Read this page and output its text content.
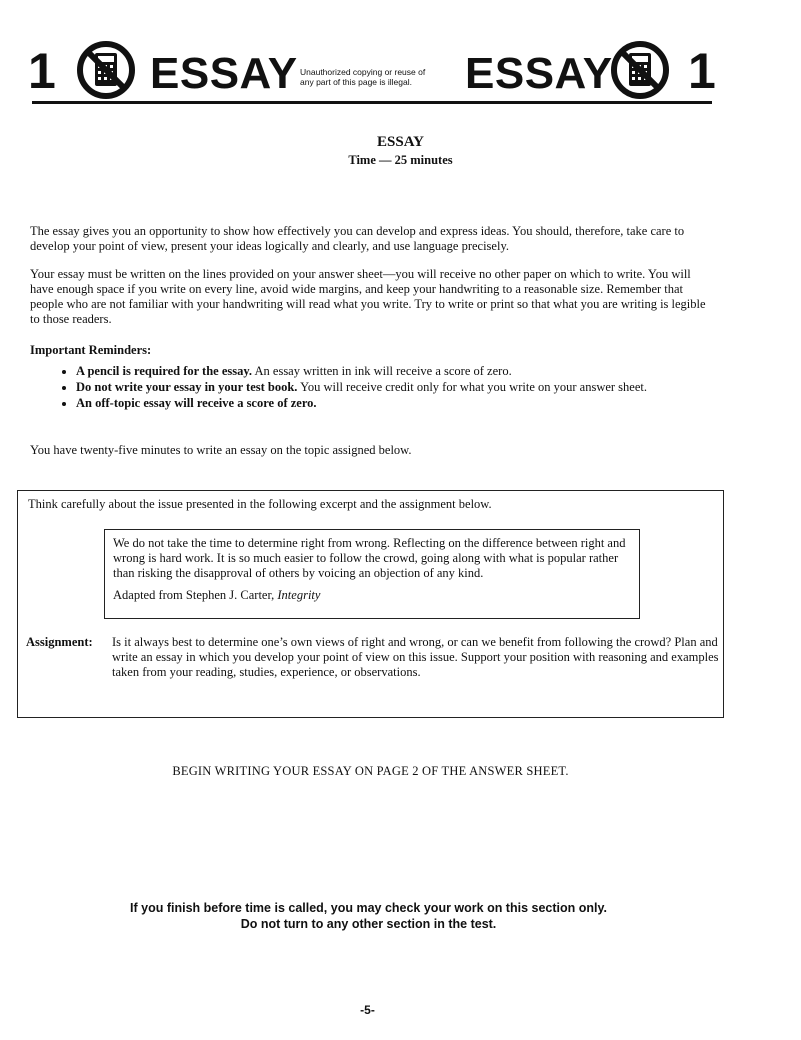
1 ESSAY Unauthorized copying or reuse of
any part of this page is illegal.	ESSAY 1
ESSAY
Time — 25 minutes

The essay gives you an opportunity to show how effectively you can develop and express ideas. You should, therefore, take care to develop your point of view, present your ideas logically and clearly, and use language precisely.

Your essay must be written on the lines provided on your answer sheet—you will receive no other paper on which to write. You will have enough space if you write on every line, avoid wide margins, and keep your handwriting to a reasonable size. Remember that people who are not familiar with your handwriting will read what you write. Try to write or print so that what you are writing is legible to those readers.

Important Reminders:
• A pencil is required for the essay. An essay written in ink will receive a score of zero.
• Do not write your essay in your test book. You will receive credit only for what you write on your answer sheet.
• An off-topic essay will receive a score of zero.

You have twenty-five minutes to write an essay on the topic assigned below.

Think carefully about the issue presented in the following excerpt and the assignment below.

We do not take the time to determine right from wrong. Reflecting on the difference between right and wrong is hard work. It is so much easier to follow the crowd, going along with what is popular rather than risking the disapproval of others by voicing an objection of any kind.

Adapted from Stephen J. Carter, Integrity

Assignment: Is it always best to determine one’s own views of right and wrong, or can we benefit from following the crowd? Plan and write an essay in which you develop your point of view on this issue. Support your position with reasoning and examples taken from your reading, studies, experience, or observations.

BEGIN WRITING YOUR ESSAY ON PAGE 2 OF THE ANSWER SHEET.
If you finish before time is called, you may check your work on this section only.
Do not turn to any other section in the test.
-5-
